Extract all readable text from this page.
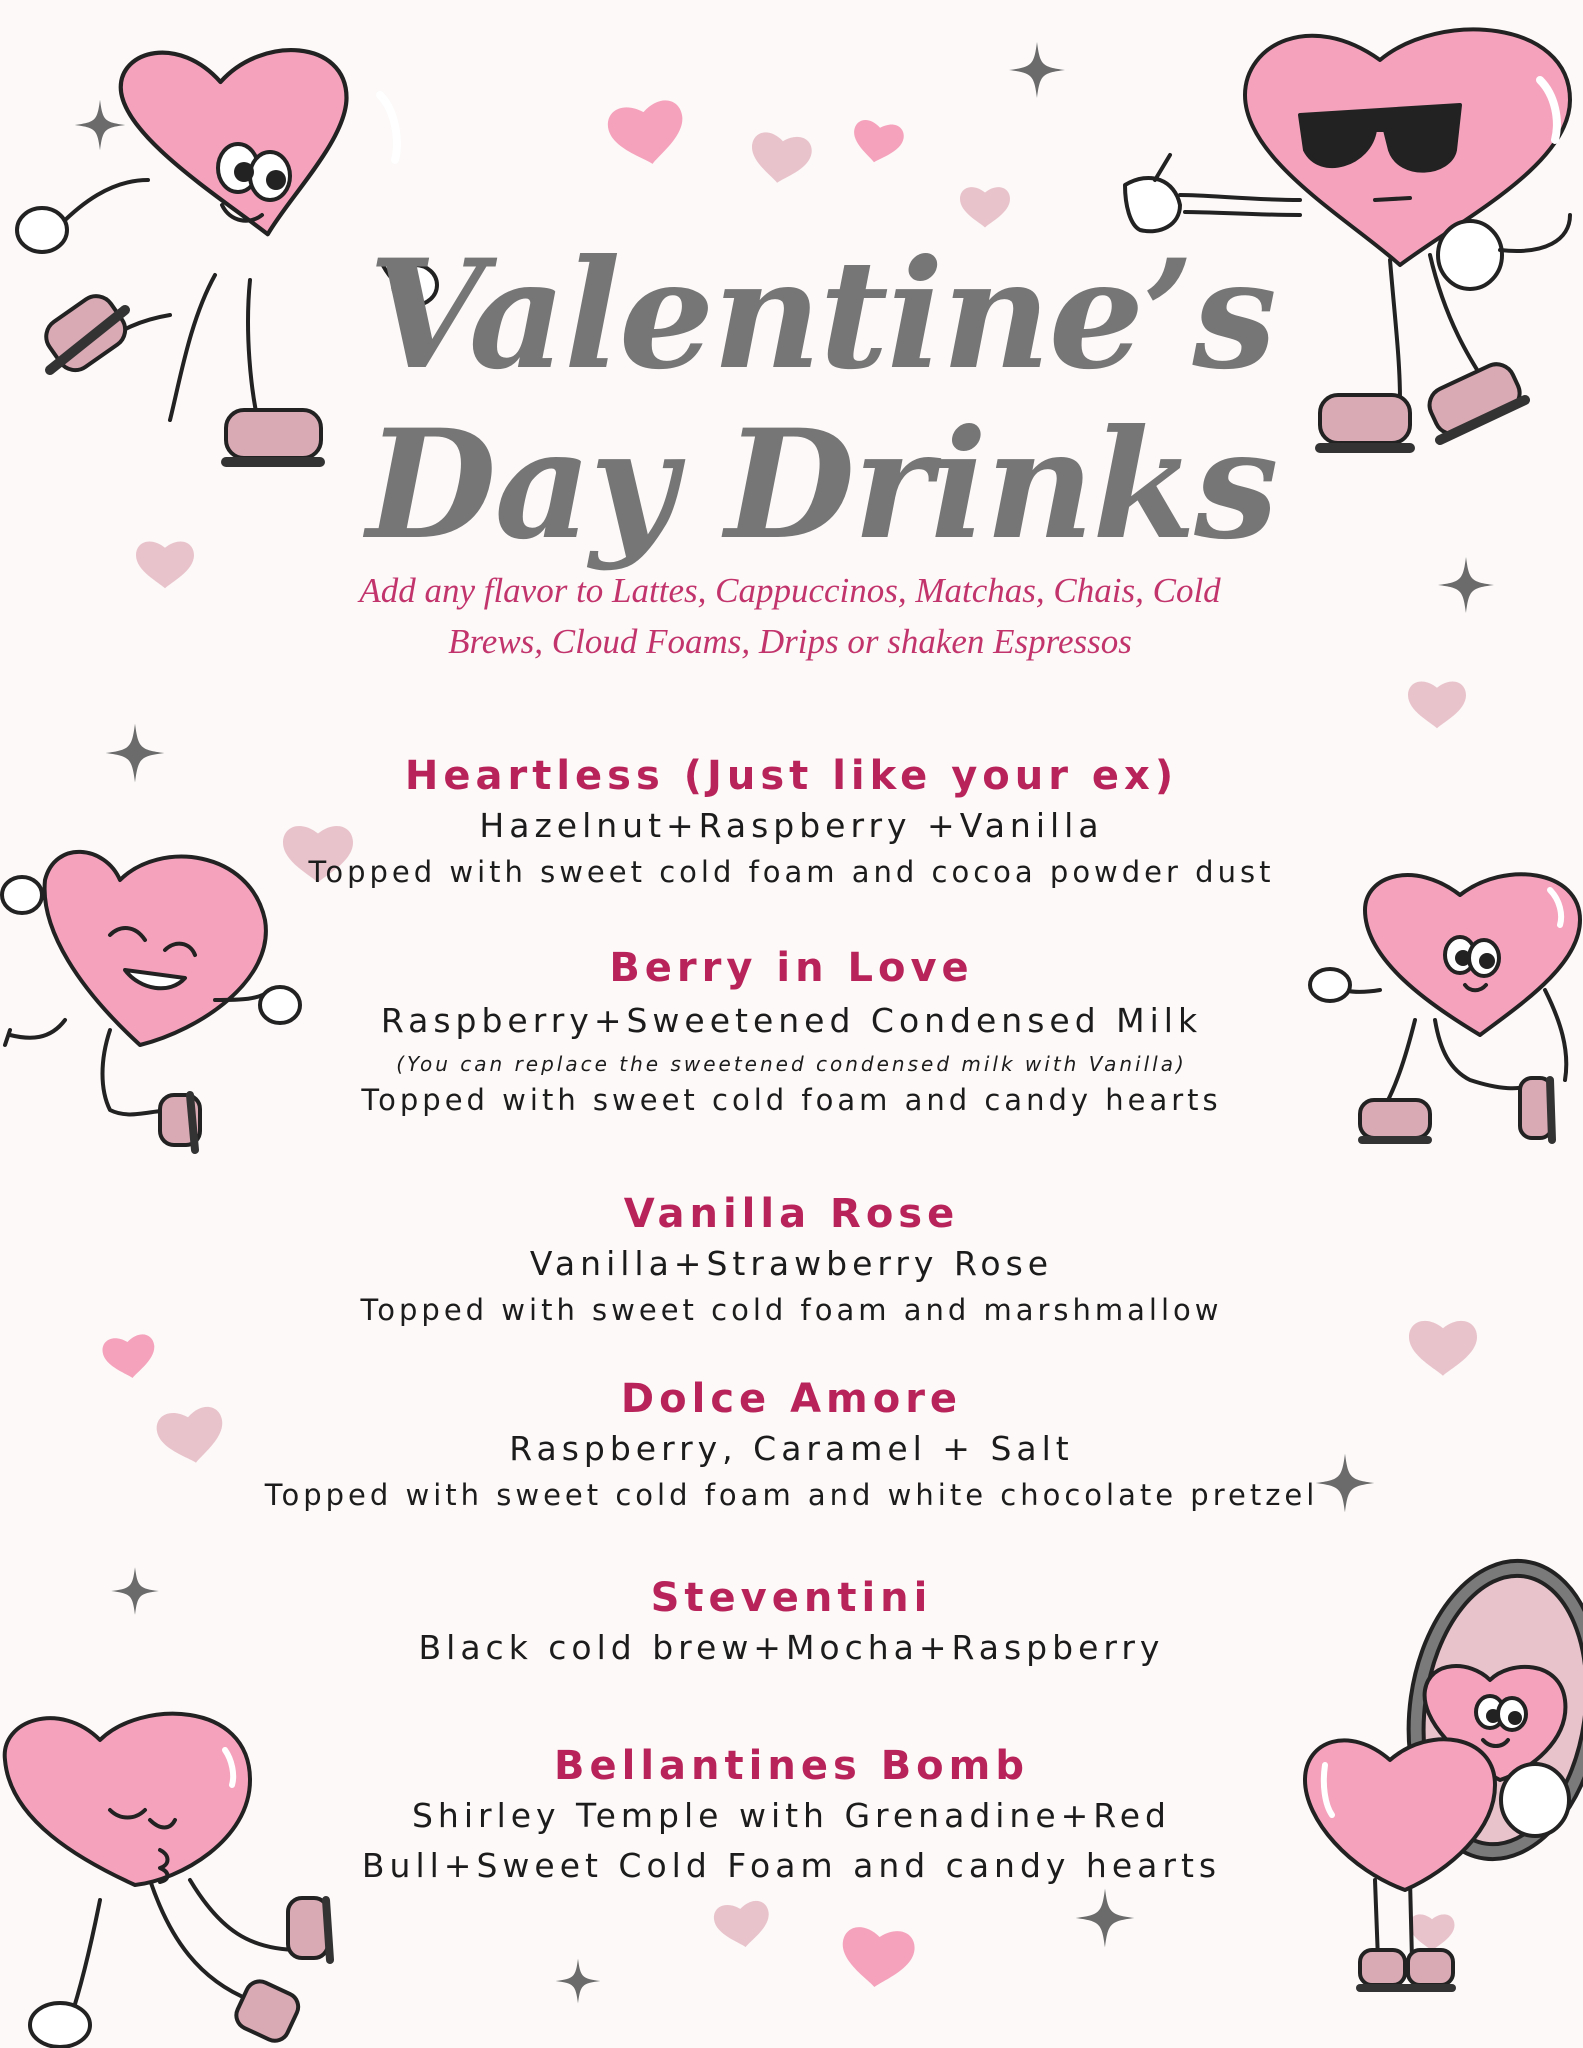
Valentine’s
Day Drinks
Add any flavor to Lattes, Cappuccinos, Matchas, Chais, Cold
Brews, Cloud Foams, Drips or shaken Espressos
Heartless (Just like your ex)
Hazelnut+Raspberry +Vanilla
Topped with sweet cold foam and cocoa powder dust
Berry in Love
Raspberry+Sweetened Condensed Milk
(You can replace the sweetened condensed milk with Vanilla)
Topped with sweet cold foam and candy hearts
Vanilla Rose
Vanilla+Strawberry Rose
Topped with sweet cold foam and marshmallow
Dolce Amore
Raspberry, Caramel + Salt
Topped with sweet cold foam and white chocolate pretzel
Steventini
Black cold brew+Mocha+Raspberry
Bellantines Bomb
Shirley Temple with Grenadine+Red
Bull+Sweet Cold Foam and candy hearts
